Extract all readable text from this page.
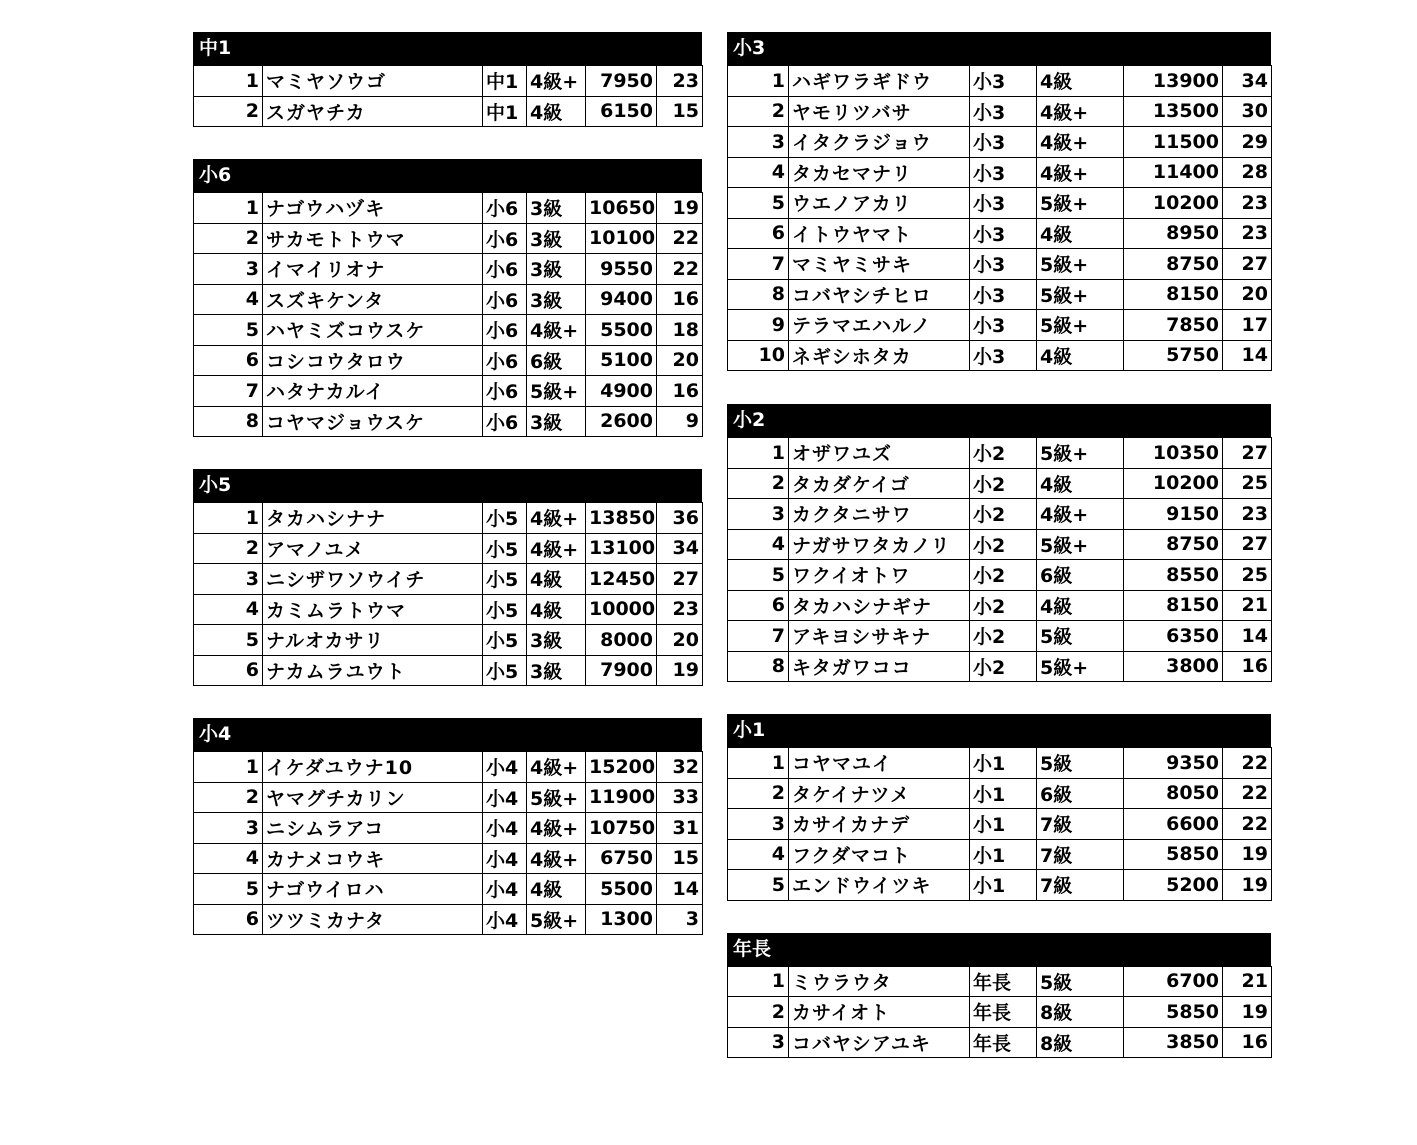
中1
1	マミヤソウゴ	中1	4級+	7950	23
2	スガヤチカ	中1	4級	6150	15
小6
1	ナゴウハヅキ	小6	3級	10650	19
2	サカモトトウマ	小6	3級	10100	22
3	イマイリオナ	小6	3級	9550	22
4	スズキケンタ	小6	3級	9400	16
5	ハヤミズコウスケ	小6	4級+	5500	18
6	コシコウタロウ	小6	6級	5100	20
7	ハタナカルイ	小6	5級+	4900	16
8	コヤマジョウスケ	小6	3級	2600	9
小5
1	タカハシナナ	小5	4級+	13850	36
2	アマノユメ	小5	4級+	13100	34
3	ニシザワソウイチ	小5	4級	12450	27
4	カミムラトウマ	小5	4級	10000	23
5	ナルオカサリ	小5	3級	8000	20
6	ナカムラユウト	小5	3級	7900	19
小4
1	イケダユウナ10	小4	4級+	15200	32
2	ヤマグチカリン	小4	5級+	11900	33
3	ニシムラアコ	小4	4級+	10750	31
4	カナメコウキ	小4	4級+	6750	15
5	ナゴウイロハ	小4	4級	5500	14
6	ツツミカナタ	小4	5級+	1300	3
小3
1	ハギワラギドウ	小3	4級	13900	34
2	ヤモリツバサ	小3	4級+	13500	30
3	イタクラジョウ	小3	4級+	11500	29
4	タカセマナリ	小3	4級+	11400	28
5	ウエノアカリ	小3	5級+	10200	23
6	イトウヤマト	小3	4級	8950	23
7	マミヤミサキ	小3	5級+	8750	27
8	コバヤシチヒロ	小3	5級+	8150	20
9	テラマエハルノ	小3	5級+	7850	17
10	ネギシホタカ	小3	4級	5750	14
小2
1	オザワユズ	小2	5級+	10350	27
2	タカダケイゴ	小2	4級	10200	25
3	カクタニサワ	小2	4級+	9150	23
4	ナガサワタカノリ	小2	5級+	8750	27
5	ワクイオトワ	小2	6級	8550	25
6	タカハシナギナ	小2	4級	8150	21
7	アキヨシサキナ	小2	5級	6350	14
8	キタガワココ	小2	5級+	3800	16
小1
1	コヤマユイ	小1	5級	9350	22
2	タケイナツメ	小1	6級	8050	22
3	カサイカナデ	小1	7級	6600	22
4	フクダマコト	小1	7級	5850	19
5	エンドウイツキ	小1	7級	5200	19
年長
1	ミウラウタ	年長	5級	6700	21
2	カサイオト	年長	8級	5850	19
3	コバヤシアユキ	年長	8級	3850	16
